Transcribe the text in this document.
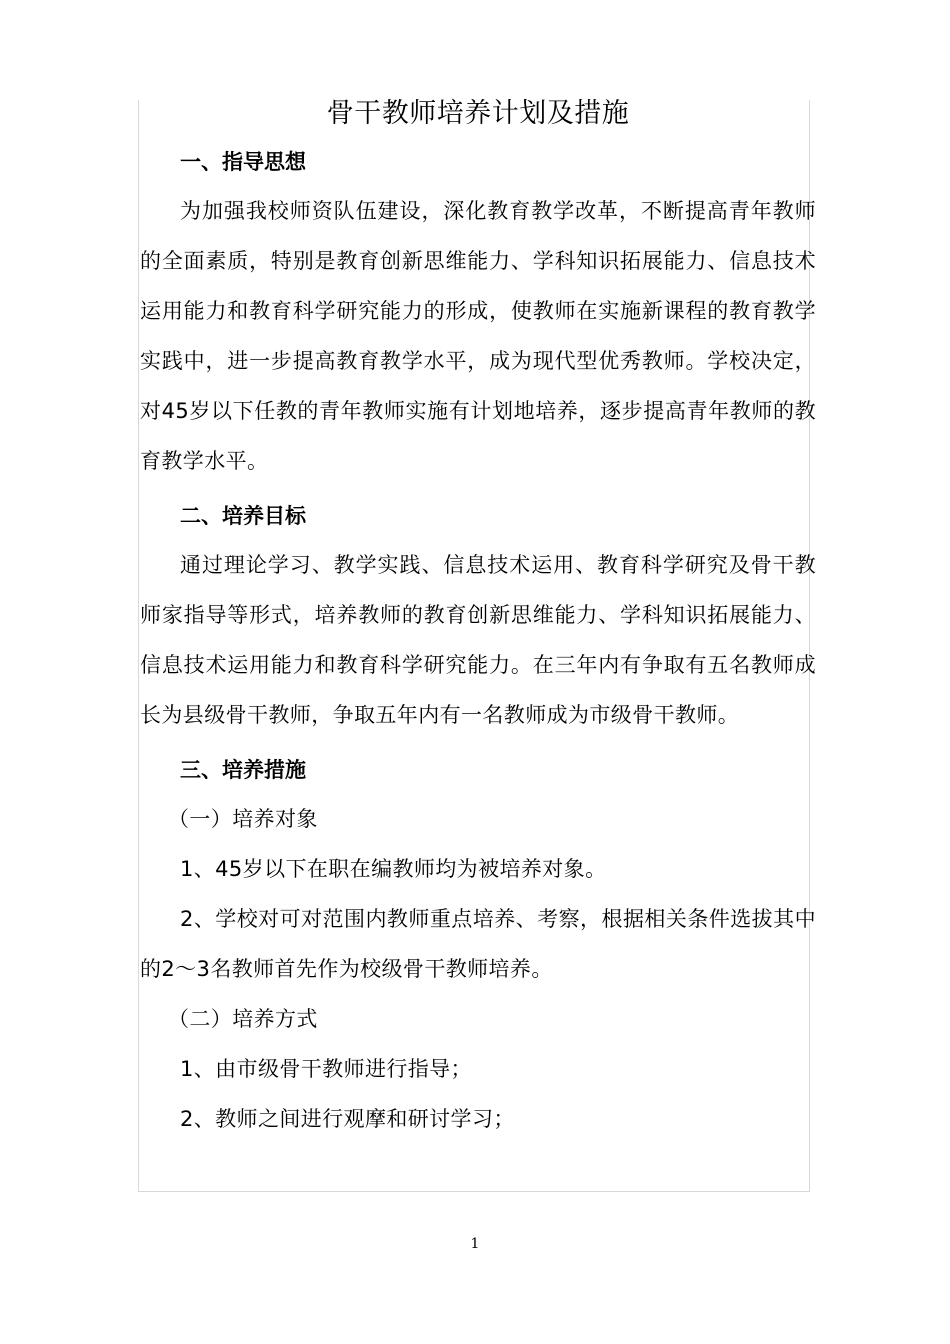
骨干教师培养计划及措施

一、指导思想

为加强我校师资队伍建设，深化教育教学改革，不断提高青年教师的全面素质，特别是教育创新思维能力、学科知识拓展能力、信息技术运用能力和教育科学研究能力的形成，使教师在实施新课程的教育教学实践中，进一步提高教育教学水平，成为现代型优秀教师。学校决定，对45岁以下任教的青年教师实施有计划地培养，逐步提高青年教师的教育教学水平。

二、培养目标

通过理论学习、教学实践、信息技术运用、教育科学研究及骨干教师家指导等形式，培养教师的教育创新思维能力、学科知识拓展能力、信息技术运用能力和教育科学研究能力。在三年内有争取有五名教师成长为县级骨干教师，争取五年内有一名教师成为市级骨干教师。

三、培养措施

（一）培养对象

1、45岁以下在职在编教师均为被培养对象。

2、学校对可对范围内教师重点培养、考察，根据相关条件选拔其中的2～3名教师首先作为校级骨干教师培养。

（二）培养方式

1、由市级骨干教师进行指导；

2、教师之间进行观摩和研讨学习；

1
